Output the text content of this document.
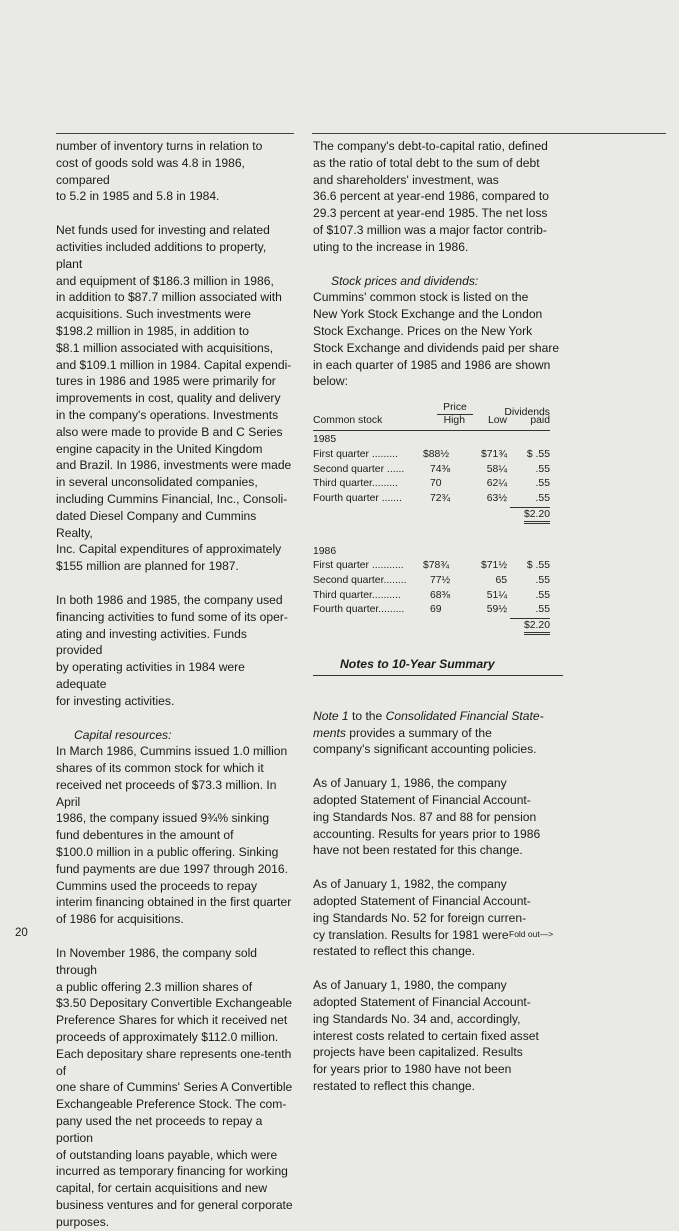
number of inventory turns in relation to
cost of goods sold was 4.8 in 1986, compared
to 5.2 in 1985 and 5.8 in 1984.

Net funds used for investing and related
activities included additions to property, plant
and equipment of $186.3 million in 1986,
in addition to $87.7 million associated with
acquisitions. Such investments were
$198.2 million in 1985, in addition to
$8.1 million associated with acquisitions,
and $109.1 million in 1984. Capital expendi-
tures in 1986 and 1985 were primarily for
improvements in cost, quality and delivery
in the company's operations. Investments
also were made to provide B and C Series
engine capacity in the United Kingdom
and Brazil. In 1986, investments were made
in several unconsolidated companies,
including Cummins Financial, Inc., Consoli-
dated Diesel Company and Cummins Realty,
Inc. Capital expenditures of approximately
$155 million are planned for 1987.

In both 1986 and 1985, the company used
financing activities to fund some of its oper-
ating and investing activities. Funds provided
by operating activities in 1984 were adequate
for investing activities.

Capital resources:

In March 1986, Cummins issued 1.0 million
shares of its common stock for which it
received net proceeds of $73.3 million. In April
1986, the company issued 9¾% sinking
fund debentures in the amount of
$100.0 million in a public offering. Sinking
fund payments are due 1997 through 2016.
Cummins used the proceeds to repay
interim financing obtained in the first quarter
of 1986 for acquisitions.

In November 1986, the company sold through
a public offering 2.3 million shares of
$3.50 Depositary Convertible Exchangeable
Preference Shares for which it received net
proceeds of approximately $112.0 million.
Each depositary share represents one-tenth of
one share of Cummins' Series A Convertible
Exchangeable Preference Stock. The com-
pany used the net proceeds to repay a portion
of outstanding loans payable, which were
incurred as temporary financing for working
capital, for certain acquisitions and new
business ventures and for general corporate
purposes.

The company's debt-to-capital ratio, defined
as the ratio of total debt to the sum of debt
and shareholders' investment, was
36.6 percent at year-end 1986, compared to
29.3 percent at year-end 1985. The net loss
of $107.3 million was a major factor contrib-
uting to the increase in 1986.

Stock prices and dividends:

Cummins' common stock is listed on the
New York Stock Exchange and the London
Stock Exchange. Prices on the New York
Stock Exchange and dividends paid per share
in each quarter of 1985 and 1986 are shown
below:

Price	Dividends
Common stock	High	Low paid
1985
First quarter .........	$88½	$71¾	$ .55
Second quarter ......	74⅜	58¼	.55
Third quarter.........	70	62¼	.55
Fourth quarter .......	72¾	63½	.55
$2.20
1986
First quarter ...........	$78¾	$71½	$ .55
Second quarter........	77½	65	.55
Third quarter..........	68⅜	51¼	.55
Fourth quarter.........	69	59½	.55
$2.20
Notes to 10-Year Summary

Note 1 to the Consolidated Financial State-
ments provides a summary of the
company's significant accounting policies.

As of January 1, 1986, the company
adopted Statement of Financial Account-
ing Standards Nos. 87 and 88 for pension
accounting. Results for years prior to 1986
have not been restated for this change.

As of January 1, 1982, the company
adopted Statement of Financial Account-
ing Standards No. 52 for foreign curren-
cy translation. Results for 1981 were
restated to reflect this change.

As of January 1, 1980, the company
adopted Statement of Financial Account-
ing Standards No. 34 and, accordingly,
interest costs related to certain fixed asset
projects have been capitalized. Results
for years prior to 1980 have not been
restated to reflect this change.

20	Fold out—>
